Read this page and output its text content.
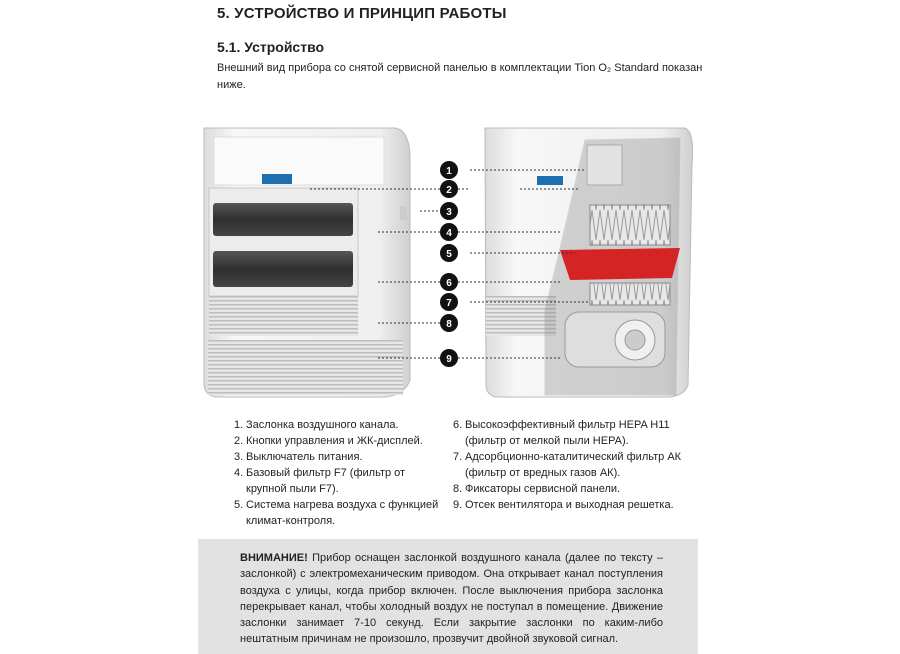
5. УСТРОЙСТВО И ПРИНЦИП РАБОТЫ
5.1. Устройство
Внешний вид прибора со снятой сервисной панелью в комплектации Tion O₂ Standard показан ниже.
1
2
3
4
5
6
7
8
9
1. Заслонка воздушного канала.
2. Кнопки управления и ЖК-дисплей.
3. Выключатель питания.
4. Базовый фильтр F7 (фильтр от крупной пыли F7).
5. Система нагрева воздуха с функцией климат-контроля.
6. Высокоэффективный фильтр HEPA H11 (фильтр от мелкой пыли HEPA).
7. Адсорбционно-каталитический фильтр АК (фильтр от вредных газов АК).
8. Фиксаторы сервисной панели.
9. Отсек вентилятора и выходная решетка.
ВНИМАНИЕ! Прибор оснащен заслонкой воздушного канала (далее по тексту – заслонкой) с электромеханическим приводом. Она открывает канал поступления воздуха с улицы, когда прибор включен. После выключения прибора заслонка перекрывает канал, чтобы холодный воздух не поступал в помещение. Движение заслонки занимает 7-10 секунд. Если закрытие заслонки по каким-либо нештатным причинам не произошло, прозвучит двойной звуковой сигнал.
